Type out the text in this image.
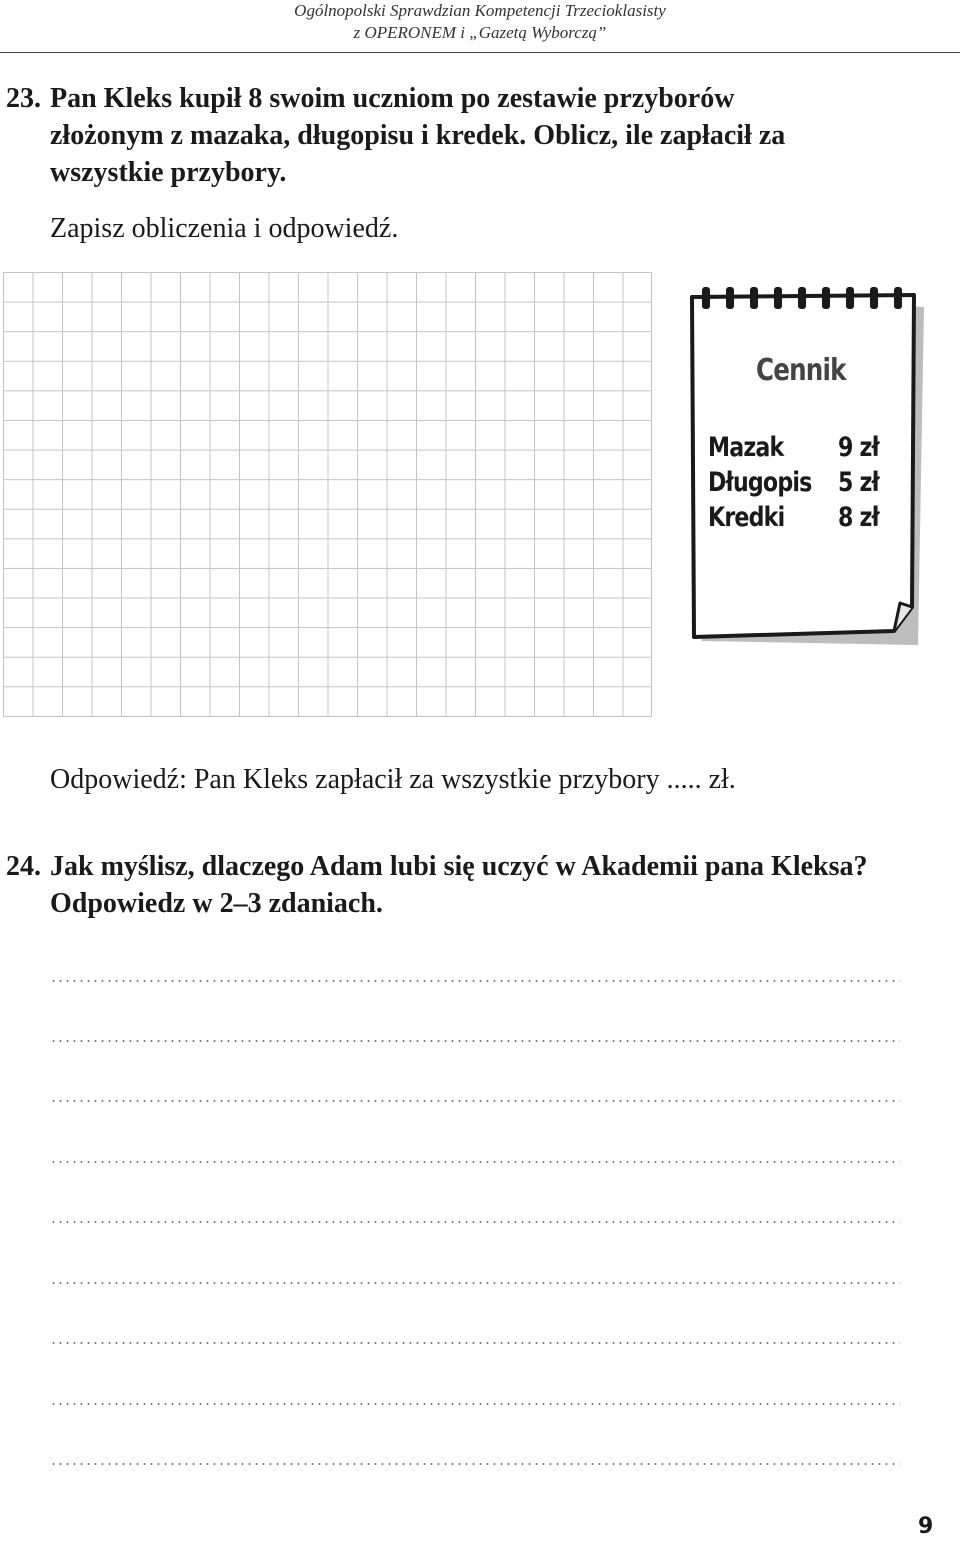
Ogólnopolski Sprawdzian Kompetencji Trzecioklasisty
z OPERONEM i „Gazetą Wyborczą”
23. Pan Kleks kupił 8 swoim uczniom po zestawie przyborów złożonym z mazaka, długopisu i kredek. Oblicz, ile zapłacił za wszystkie przybory.
Zapisz obliczenia i odpowiedź.
Cennik
Mazak 9 zł
Długopis 5 zł
Kredki 8 zł
Odpowiedź: Pan Kleks zapłacił za wszystkie przybory ..... zł.
24. Jak myślisz, dlaczego Adam lubi się uczyć w Akademii pana Kleksa? Odpowiedz w 2–3 zdaniach.
9
